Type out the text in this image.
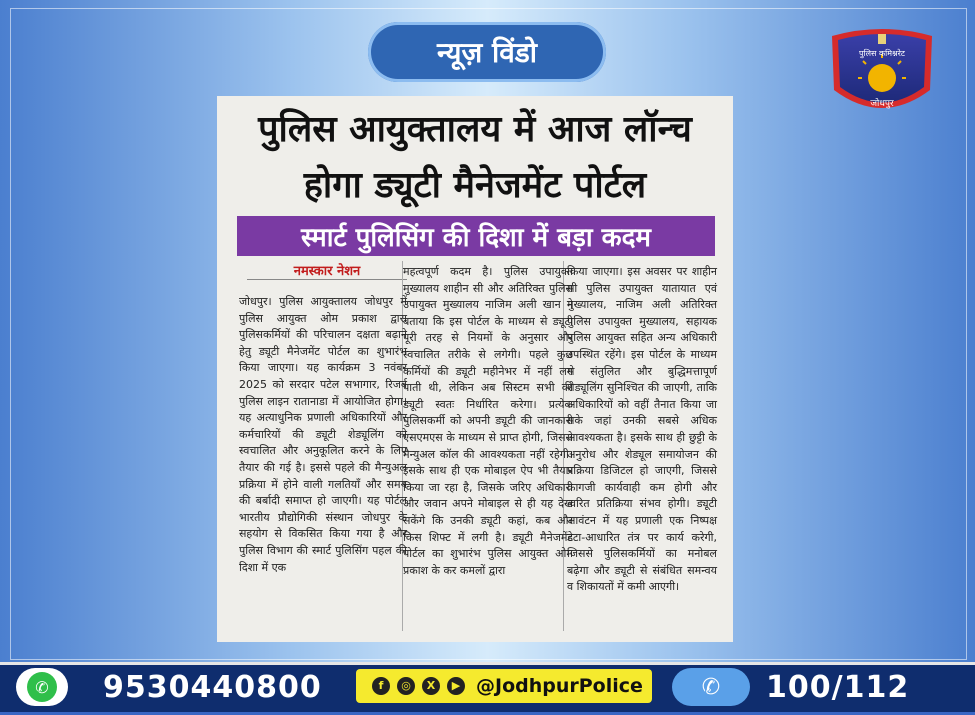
न्यूज़ विंडो	पुलिस कमिश्नरेट
जोधपुर
पुलिस आयुक्तालय में आज लॉन्च
होगा ड्यूटी मैनेजमेंट पोर्टल
स्मार्ट पुलिसिंग की दिशा में बड़ा कदम
नमस्कार नेशन
जोधपुर। पुलिस आयुक्तालय जोधपुर में पुलिस आयुक्त ओम प्रकाश द्वारा पुलिसकर्मियों की परिचालन दक्षता बढ़ाने हेतु ड्यूटी मैनेजमेंट पोर्टल का शुभारंभ किया जाएगा। यह कार्यक्रम 3 नवंबर 2025 को सरदार पटेल सभागार, रिजर्व पुलिस लाइन रातानाडा में आयोजित होगा। यह अत्याधुनिक प्रणाली अधिकारियों और कर्मचारियों की ड्यूटी शेड्यूलिंग को स्वचालित और अनुकूलित करने के लिए तैयार की गई है। इससे पहले की मैन्युअल प्रक्रिया में होने वाली गलतियाँ और समय की बर्बादी समाप्त हो जाएगी। यह पोर्टल भारतीय प्रौद्योगिकी संस्थान जोधपुर के सहयोग से विकसित किया गया है और पुलिस विभाग की स्मार्ट पुलिसिंग पहल की दिशा में एक
महत्वपूर्ण कदम है। पुलिस उपायुक्त मुख्यालय शाहीन सी और अतिरिक्त पुलिस उपायुक्त मुख्यालय नाजिम अली खान ने बताया कि इस पोर्टल के माध्यम से ड्यूटी पूरी तरह से नियमों के अनुसार और स्वचालित तरीके से लगेगी। पहले कुछ कर्मियों की ड्यूटी महीनेभर में नहीं लग पाती थी, लेकिन अब सिस्टम सभी की ड्यूटी स्वतः निर्धारित करेगा। प्रत्येक पुलिसकर्मी को अपनी ड्यूटी की जानकारी एसएमएस के माध्यम से प्राप्त होगी, जिससे मैन्युअल कॉल की आवश्यकता नहीं रहेगी। इसके साथ ही एक मोबाइल ऐप भी तैयार किया जा रहा है, जिसके जरिए अधिकारी और जवान अपने मोबाइल से ही यह देख सकेंगे कि उनकी ड्यूटी कहां, कब और किस शिफ्ट में लगी है। ड्यूटी मैनेजमेंट पोर्टल का शुभारंभ पुलिस आयुक्त ओम प्रकाश के कर कमलों द्वारा
किया जाएगा। इस अवसर पर शाहीन सी पुलिस उपायुक्त यातायात एवं मुख्यालय, नाजिम अली अतिरिक्त पुलिस उपायुक्त मुख्यालय, सहायक पुलिस आयुक्त सहित अन्य अधिकारी उपस्थित रहेंगे। इस पोर्टल के माध्यम से संतुलित और बुद्धिमत्तापूर्ण शेड्यूलिंग सुनिश्चित की जाएगी, ताकि अधिकारियों को वहीं तैनात किया जा सके जहां उनकी सबसे अधिक आवश्यकता है। इसके साथ ही छुट्टी के अनुरोध और शेड्यूल समायोजन की प्रक्रिया डिजिटल हो जाएगी, जिससे कागजी कार्यवाही कम होगी और त्वरित प्रतिक्रिया संभव होगी। ड्यूटी आवंटन में यह प्रणाली एक निष्पक्ष डेटा-आधारित तंत्र पर कार्य करेगी, जिससे पुलिसकर्मियों का मनोबल बढ़ेगा और ड्यूटी से संबंधित समन्वय व शिकायतों में कमी आएगी।
✆ 9530440800	f	◎	X	▶ @JodhpurPolice	✆	100/112
